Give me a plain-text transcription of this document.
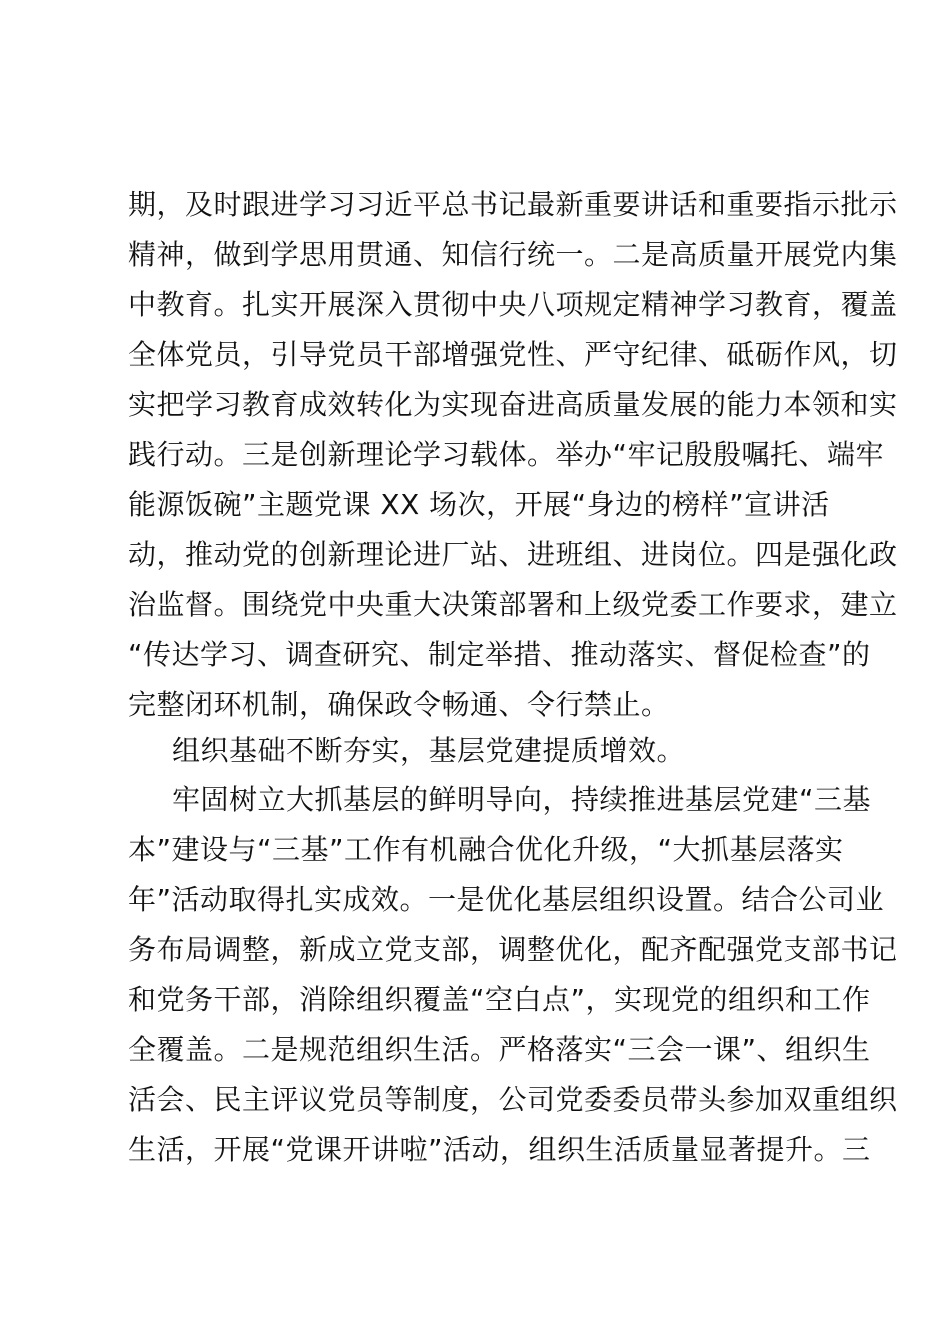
期，及时跟进学习习近平总书记最新重要讲话和重要指示批示
精神，做到学思用贯通、知信行统一。二是高质量开展党内集
中教育。扎实开展深入贯彻中央八项规定精神学习教育，覆盖
全体党员，引导党员干部增强党性、严守纪律、砥砺作风，切
实把学习教育成效转化为实现奋进高质量发展的能力本领和实
践行动。三是创新理论学习载体。举办“牢记殷殷嘱托、端牢
能源饭碗”主题党课 XX 场次，开展“身边的榜样”宣讲活
动，推动党的创新理论进厂站、进班组、进岗位。四是强化政
治监督。围绕党中央重大决策部署和上级党委工作要求，建立
“传达学习、调查研究、制定举措、推动落实、督促检查”的
完整闭环机制，确保政令畅通、令行禁止。
组织基础不断夯实，基层党建提质增效。
牢固树立大抓基层的鲜明导向，持续推进基层党建“三基
本”建设与“三基”工作有机融合优化升级，“大抓基层落实
年”活动取得扎实成效。一是优化基层组织设置。结合公司业
务布局调整，新成立党支部，调整优化，配齐配强党支部书记
和党务干部，消除组织覆盖“空白点”，实现党的组织和工作
全覆盖。二是规范组织生活。严格落实“三会一课”、组织生
活会、民主评议党员等制度，公司党委委员带头参加双重组织
生活，开展“党课开讲啦”活动，组织生活质量显著提升。三
